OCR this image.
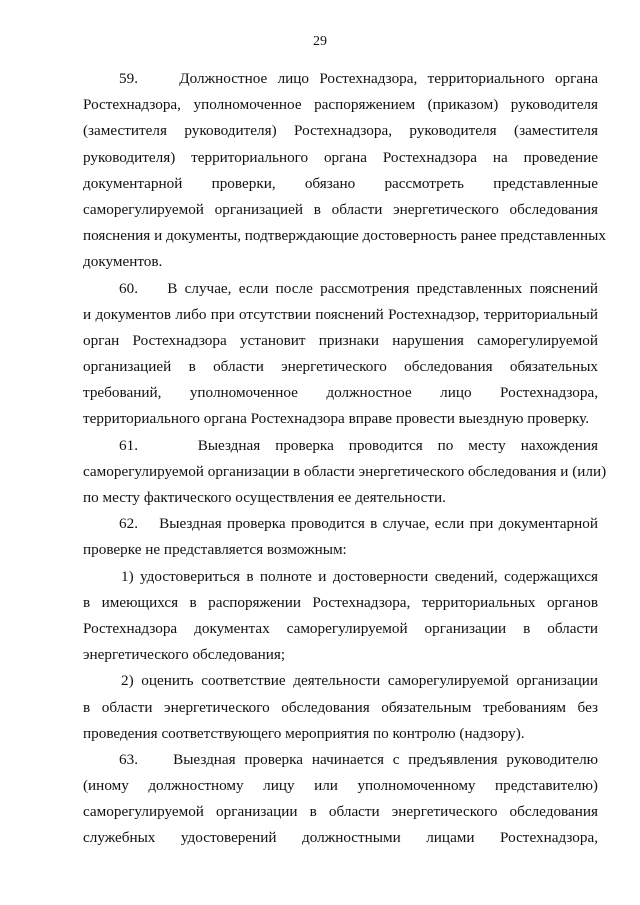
29
59.    Должностное лицо Ростехнадзора, территориального органа
Ростехнадзора, уполномоченное распоряжением (приказом) руководителя
(заместителя руководителя) Ростехнадзора, руководителя (заместителя
руководителя) территориального органа Ростехнадзора на проведение
документарной проверки, обязано рассмотреть представленные
саморегулируемой организацией в области энергетического обследования
пояснения и документы, подтверждающие достоверность ранее представленных
документов.
60.    В случае, если после рассмотрения представленных пояснений
и документов либо при отсутствии пояснений Ростехнадзор, территориальный
орган Ростехнадзора установит признаки нарушения саморегулируемой
организацией в области энергетического обследования обязательных
требований, уполномоченное должностное лицо Ростехнадзора,
территориального органа Ростехнадзора вправе провести выездную проверку.
61.    Выездная проверка проводится по месту нахождения
саморегулируемой организации в области энергетического обследования и (или)
по месту фактического осуществления ее деятельности.
62.    Выездная проверка проводится в случае, если при документарной
проверке не представляется возможным:
1) удостовериться в полноте и достоверности сведений, содержащихся
в имеющихся в распоряжении Ростехнадзора, территориальных органов
Ростехнадзора документах саморегулируемой организации в области
энергетического обследования;
2) оценить соответствие деятельности саморегулируемой организации
в области энергетического обследования обязательным требованиям без
проведения соответствующего мероприятия по контролю (надзору).
63.    Выездная проверка начинается с предъявления руководителю
(иному должностному лицу или уполномоченному представителю)
саморегулируемой организации в области энергетического обследования
служебных удостоверений должностными лицами Ростехнадзора,
